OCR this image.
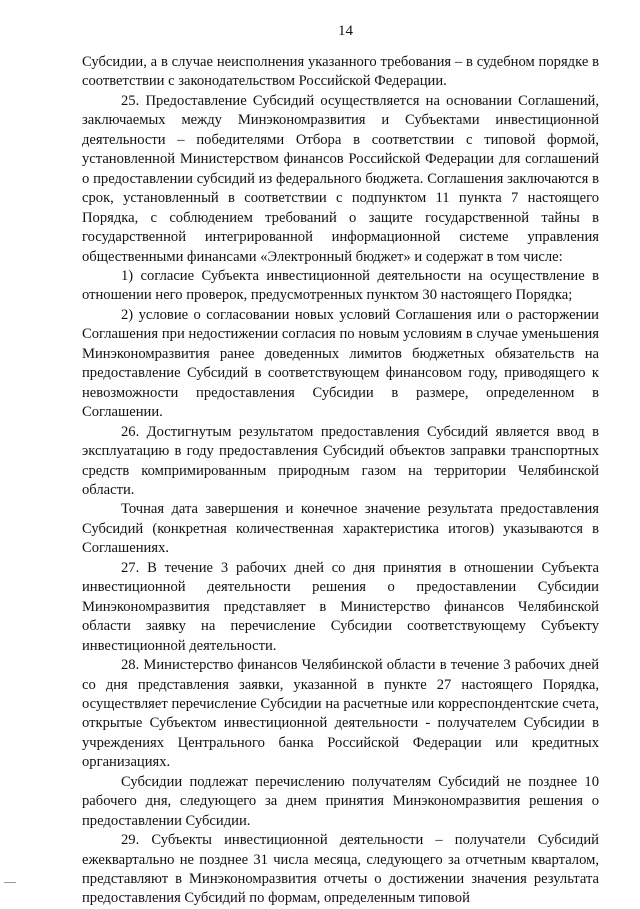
14

Субсидии, а в случае неисполнения указанного требования – в судебном порядке в соответствии с законодательством Российской Федерации.

25. Предоставление Субсидий осуществляется на основании Соглашений, заключаемых между Минэкономразвития и Субъектами инвестиционной деятельности – победителями Отбора в соответствии с типовой формой, установленной Министерством финансов Российской Федерации для соглашений о предоставлении субсидий из федерального бюджета. Соглашения заключаются в срок, установленный в соответствии с подпунктом 11 пункта 7 настоящего Порядка, с соблюдением требований о защите государственной тайны в государственной интегрированной информационной системе управления общественными финансами «Электронный бюджет» и содержат в том числе:

1) согласие Субъекта инвестиционной деятельности на осуществление в отношении него проверок, предусмотренных пунктом 30 настоящего Порядка;

2) условие о согласовании новых условий Соглашения или о расторжении Соглашения при недостижении согласия по новым условиям в случае уменьшения Минэкономразвития ранее доведенных лимитов бюджетных обязательств на предоставление Субсидий в соответствующем финансовом году, приводящего к невозможности предоставления Субсидии в размере, определенном в Соглашении.

26. Достигнутым результатом предоставления Субсидий является ввод в эксплуатацию в году предоставления Субсидий объектов заправки транспортных средств компримированным природным газом на территории Челябинской области.

Точная дата завершения и конечное значение результата предоставления Субсидий (конкретная количественная характеристика итогов) указываются в Соглашениях.

27. В течение 3 рабочих дней со дня принятия в отношении Субъекта инвестиционной деятельности решения о предоставлении Субсидии Минэкономразвития представляет в Министерство финансов Челябинской области заявку на перечисление Субсидии соответствующему Субъекту инвестиционной деятельности.

28. Министерство финансов Челябинской области в течение 3 рабочих дней со дня представления заявки, указанной в пункте 27 настоящего Порядка, осуществляет перечисление Субсидии на расчетные или корреспондентские счета, открытые Субъектом инвестиционной деятельности - получателем Субсидии в учреждениях Центрального банка Российской Федерации или кредитных организациях.

Субсидии подлежат перечислению получателям Субсидий не позднее 10 рабочего дня, следующего за днем принятия Минэкономразвития решения о предоставлении Субсидии.

29. Субъекты инвестиционной деятельности – получатели Субсидий ежеквартально не позднее 31 числа месяца, следующего за отчетным кварталом, представляют в Минэкономразвития отчеты о достижении значения результата предоставления Субсидий по формам, определенным типовой
